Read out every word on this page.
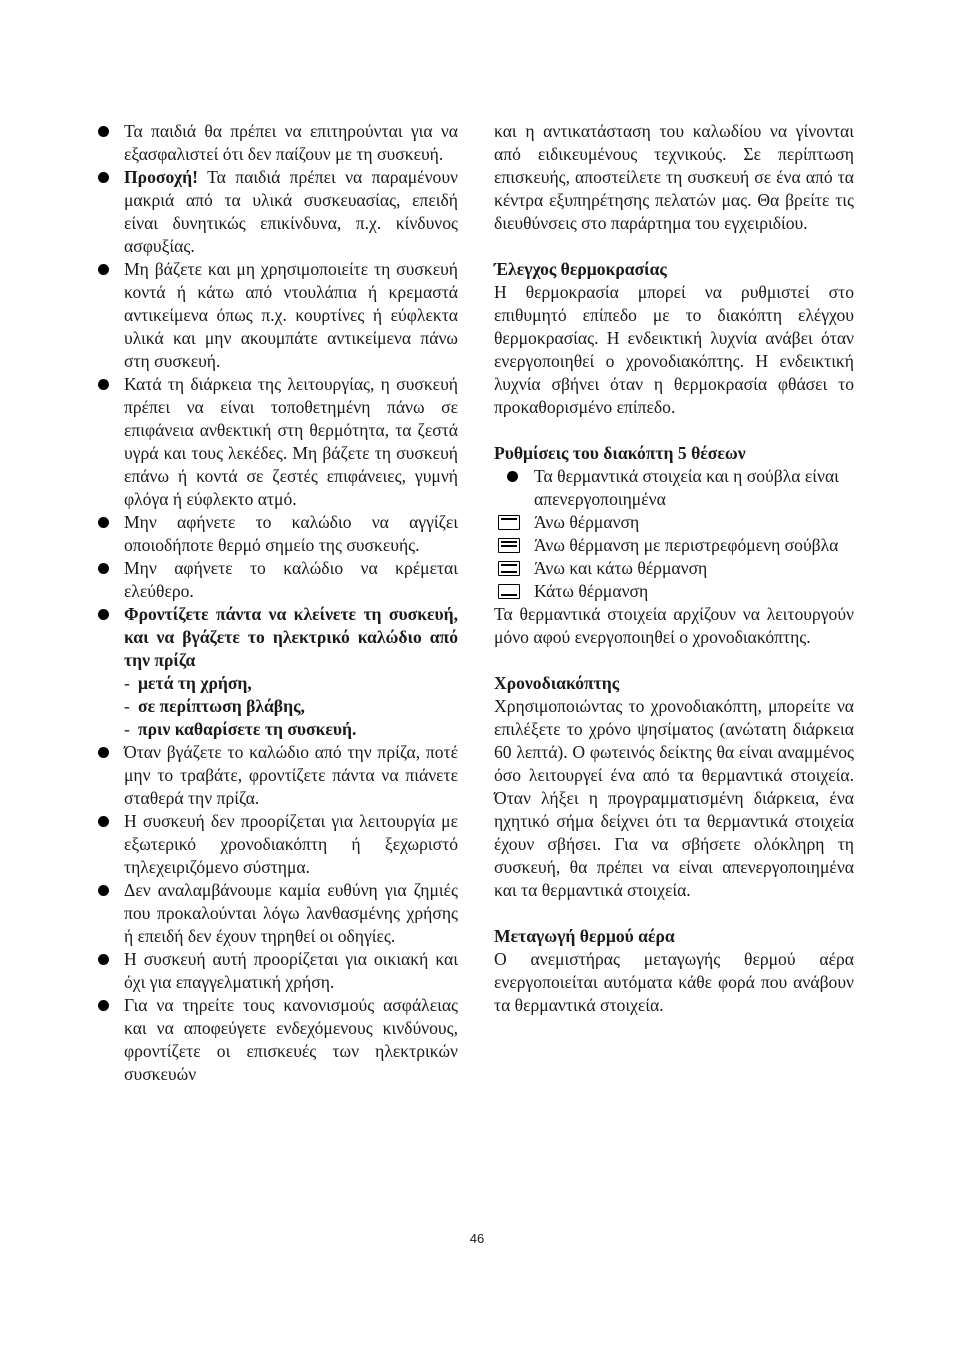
Τα παιδιά θα πρέπει να επιτηρούνται για να εξασφαλιστεί ότι δεν παίζουν με τη συσκευή.
Προσοχή! Τα παιδιά πρέπει να παραμένουν μακριά από τα υλικά συσκευασίας, επειδή είναι δυνητικώς επικίνδυνα, π.χ. κίνδυνος ασφυξίας.
Μη βάζετε και μη χρησιμοποιείτε τη συσκευή κοντά ή κάτω από ντουλάπια ή κρεμαστά αντικείμενα όπως π.χ. κουρτίνες ή εύφλεκτα υλικά και μην ακουμπάτε αντικείμενα πάνω στη συσκευή.
Κατά τη διάρκεια της λειτουργίας, η συσκευή πρέπει να είναι τοποθετημένη πάνω σε επιφάνεια ανθεκτική στη θερμότητα, τα ζεστά υγρά και τους λεκέδες. Μη βάζετε τη συσκευή επάνω ή κοντά σε ζεστές επιφάνειες, γυμνή φλόγα ή εύφλεκτο ατμό.
Μην αφήνετε το καλώδιο να αγγίζει οποιοδήποτε θερμό σημείο της συσκευής.
Μην αφήνετε το καλώδιο να κρέμεται ελεύθερο.
Φροντίζετε πάντα να κλείνετε τη συσκευή, και να βγάζετε το ηλεκτρικό καλώδιο από την πρίζα
- μετά τη χρήση,
- σε περίπτωση βλάβης,
- πριν καθαρίσετε τη συσκευή.
Όταν βγάζετε το καλώδιο από την πρίζα, ποτέ μην το τραβάτε, φροντίζετε πάντα να πιάνετε σταθερά την πρίζα.
Η συσκευή δεν προορίζεται για λειτουργία με εξωτερικό χρονοδιακόπτη ή ξεχωριστό τηλεχειριζόμενο σύστημα.
Δεν αναλαμβάνουμε καμία ευθύνη για ζημιές που προκαλούνται λόγω λανθασμένης χρήσης ή επειδή δεν έχουν τηρηθεί οι οδηγίες.
Η συσκευή αυτή προορίζεται για οικιακή και όχι για επαγγελματική χρήση.
Για να τηρείτε τους κανονισμούς ασφάλειας και να αποφεύγετε ενδεχόμενους κινδύνους, φροντίζετε οι επισκευές των ηλεκτρικών συσκευών
και η αντικατάσταση του καλωδίου να γίνονται από ειδικευμένους τεχνικούς. Σε περίπτωση επισκευής, αποστείλετε τη συσκευή σε ένα από τα κέντρα εξυπηρέτησης πελατών μας. Θα βρείτε τις διευθύνσεις στο παράρτημα του εγχειριδίου.
Έλεγχος θερμοκρασίας
Η θερμοκρασία μπορεί να ρυθμιστεί στο επιθυμητό επίπεδο με το διακόπτη ελέγχου θερμοκρασίας. Η ενδεικτική λυχνία ανάβει όταν ενεργοποιηθεί ο χρονοδιακόπτης. Η ενδεικτική λυχνία σβήνει όταν η θερμοκρασία φθάσει το προκαθορισμένο επίπεδο.
Ρυθμίσεις του διακόπτη 5 θέσεων
Τα θερμαντικά στοιχεία και η σούβλα είναι απενεργοποιημένα
Άνω θέρμανση
Άνω θέρμανση με περιστρεφόμενη σούβλα
Άνω και κάτω θέρμανση
Κάτω θέρμανση
Τα θερμαντικά στοιχεία αρχίζουν να λειτουργούν μόνο αφού ενεργοποιηθεί ο χρονοδιακόπτης.
Χρονοδιακόπτης
Χρησιμοποιώντας το χρονοδιακόπτη, μπορείτε να επιλέξετε το χρόνο ψησίματος (ανώτατη διάρκεια 60 λεπτά). Ο φωτεινός δείκτης θα είναι αναμμένος όσο λειτουργεί ένα από τα θερμαντικά στοιχεία. Όταν λήξει η προγραμματισμένη διάρκεια, ένα ηχητικό σήμα δείχνει ότι τα θερμαντικά στοιχεία έχουν σβήσει. Για να σβήσετε ολόκληρη τη συσκευή, θα πρέπει να είναι απενεργοποιημένα και τα θερμαντικά στοιχεία.
Μεταγωγή θερμού αέρα
Ο ανεμιστήρας μεταγωγής θερμού αέρα ενεργοποιείται αυτόματα κάθε φορά που ανάβουν τα θερμαντικά στοιχεία.
46
